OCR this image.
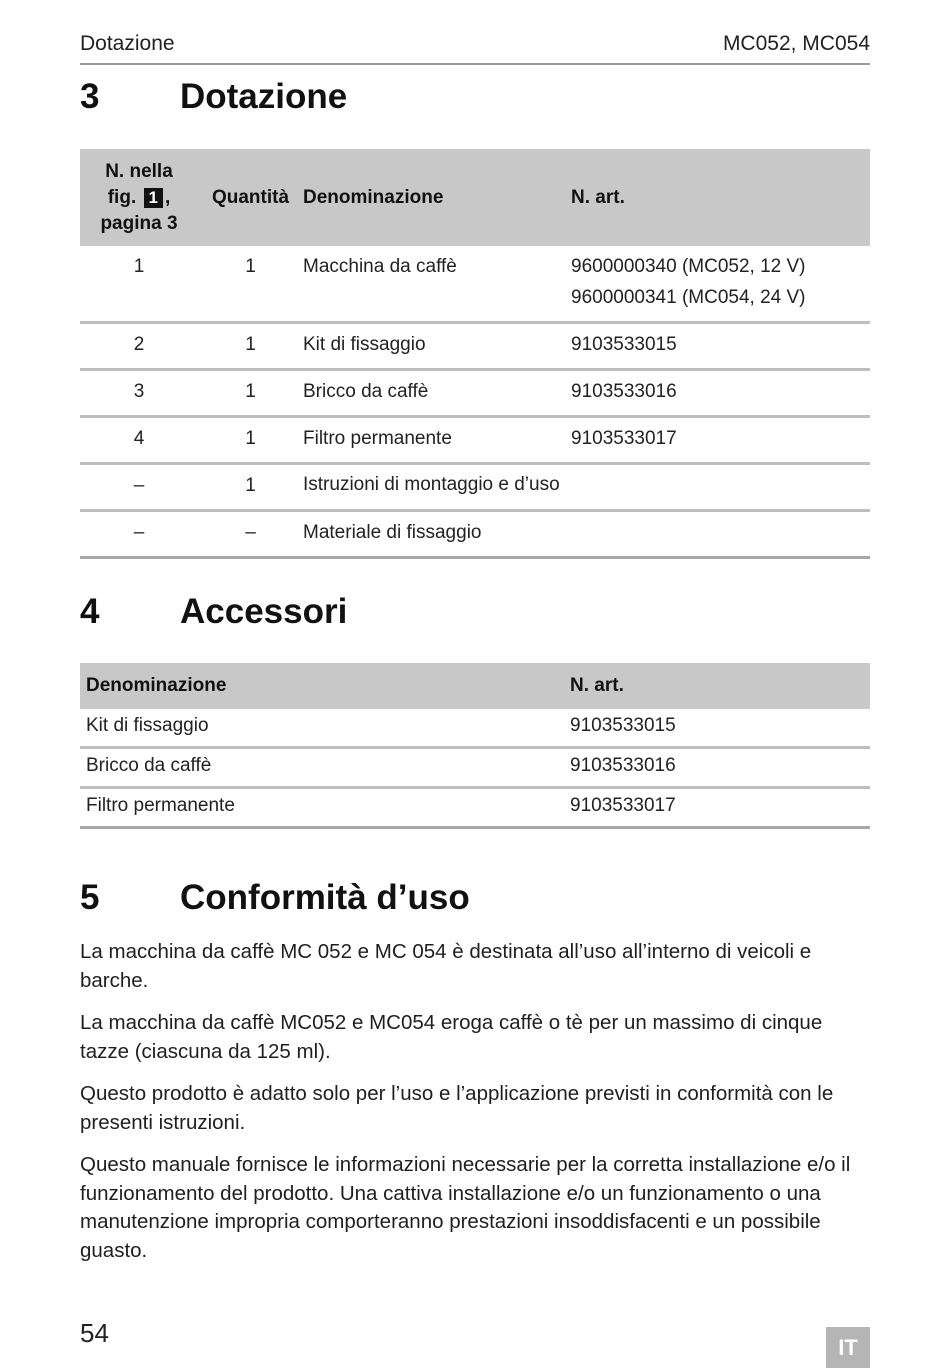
Dotazione	MC052, MC054
3 Dotazione
N. nella
fig. 1 ,
pagina 3	Quantità	Denominazione	N. art.
1	1	Macchina da caffè	9600000340 (MC052, 12 V)
9600000341 (MC054, 24 V)

2	1	Kit di fissaggio	9103533015
3	1	Bricco da caffè	9103533016
4	1	Filtro permanente	9103533017
–	1	Istruzioni di montaggio e d’uso	
–	–	Materiale di fissaggio	
4 Accessori
Denominazione	N. art.
Kit di fissaggio	9103533015
Bricco da caffè	9103533016
Filtro permanente	9103533017
5 Conformità d’uso

La macchina da caffè MC 052 e MC 054 è destinata all’uso all’interno di veicoli e barche.

La macchina da caffè MC052 e MC054 eroga caffè o tè per un massimo di cinque tazze (ciascuna da 125 ml).

Questo prodotto è adatto solo per l’uso e l’applicazione previsti in conformità con le presenti istruzioni.

Questo manuale fornisce le informazioni necessarie per la corretta installazione e/o il funzionamento del prodotto. Una cattiva installazione e/o un funzionamento o una manutenzione impropria comporteranno prestazioni insoddisfacenti e un possibile guasto.

54	IT
